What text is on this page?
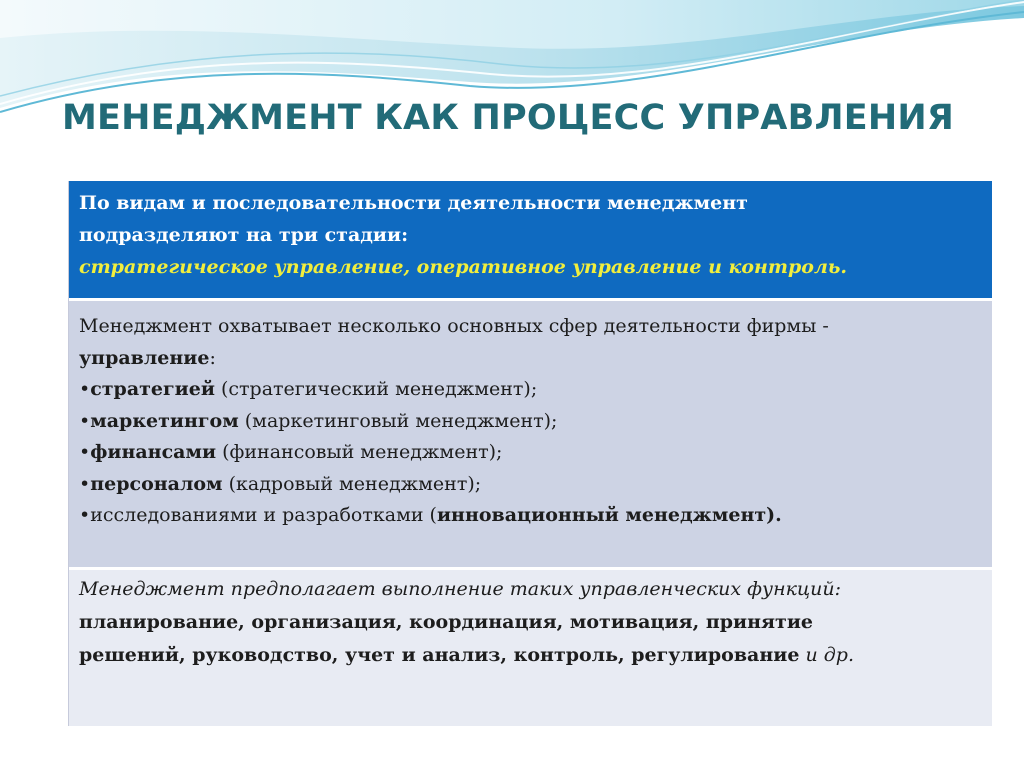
МЕНЕДЖМЕНТ КАК ПРОЦЕСС УПРАВЛЕНИЯ
По видам и последовательности деятельности менеджмент
подразделяют на три стадии:
стратегическое управление, оперативное управление и контроль.
Менеджмент охватывает несколько основных сфер деятельности фирмы -
управление:
•стратегией (стратегический менеджмент);
•маркетингом (маркетинговый менеджмент);
•финансами (финансовый менеджмент);
•персоналом (кадровый менеджмент);
•исследованиями и разработками (инновационный менеджмент).
Менеджмент предполагает выполнение таких управленческих функций:
планирование, организация, координация, мотивация, принятие
решений, руководство, учет и анализ, контроль, регулирование и др.
